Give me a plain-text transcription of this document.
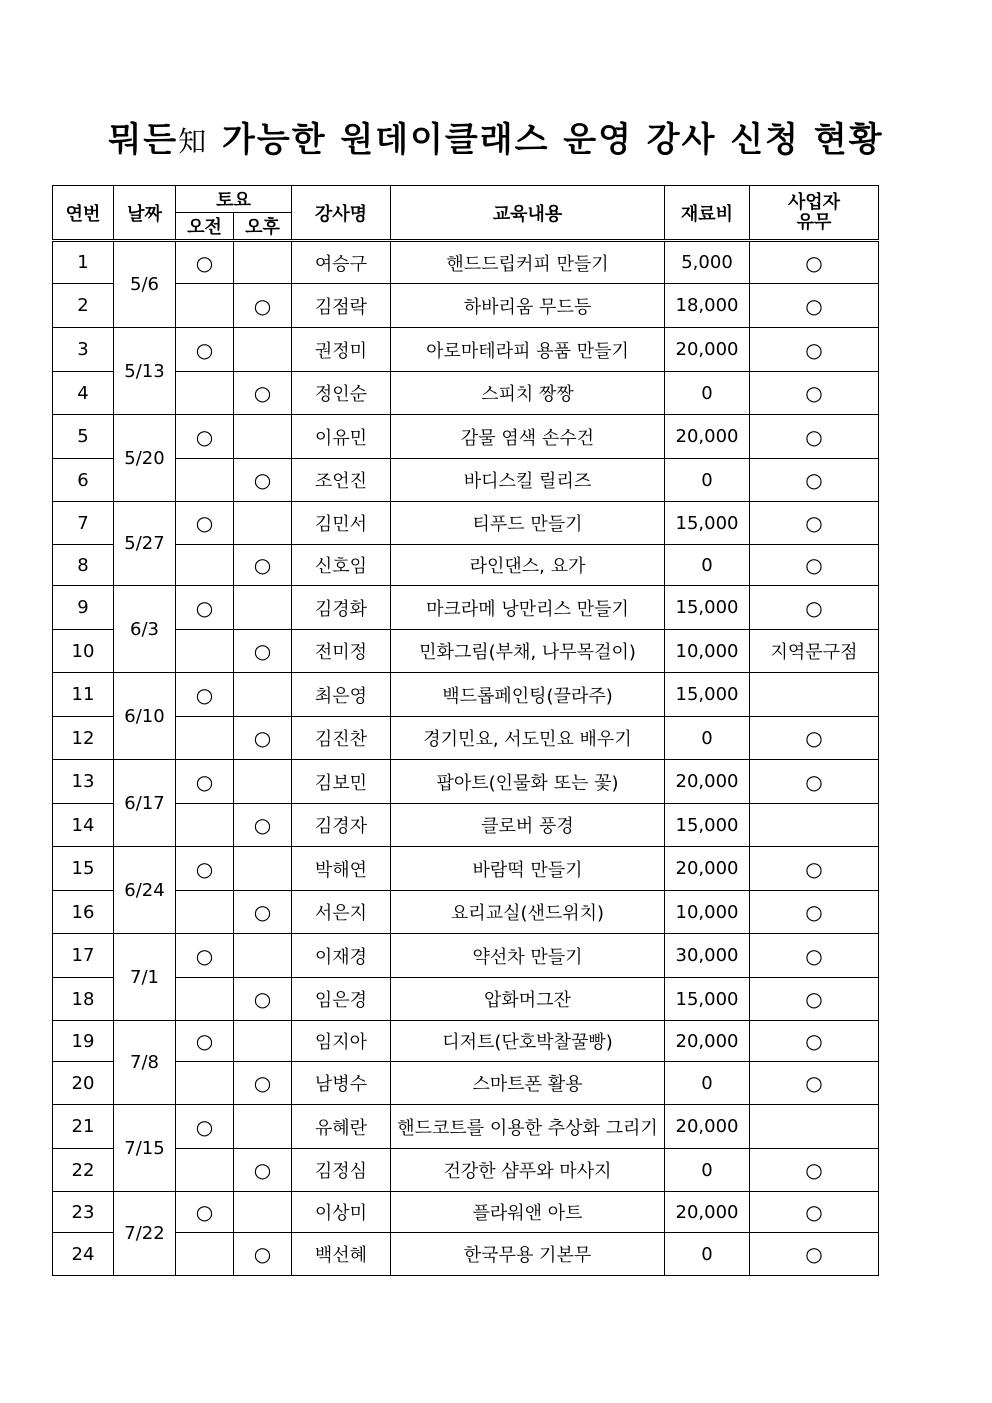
뭐든知 가능한 원데이클래스 운영 강사 신청 현황
연번	날짜	토요		강사명	교육내용	재료비	사업자
유무

		오전	오후				
1	5/6	○		여승구	핸드드립커피 만들기	5,000	○
2			○	김점락	하바리움 무드등	18,000	○
3	5/13	○		권정미	아로마테라피 용품 만들기	20,000	○
4			○	정인순	스피치 짱짱	0	○
5	5/20	○		이유민	감물 염색 손수건	20,000	○
6			○	조언진	바디스킬 릴리즈	0	○
7	5/27	○		김민서	티푸드 만들기	15,000	○
8			○	신호임	라인댄스, 요가	0	○
9	6/3	○		김경화	마크라메 낭만리스 만들기	15,000	○
10			○	전미정	민화그림(부채, 나무목걸이)	10,000	지역문구점
11	6/10	○		최은영	백드롭페인팅(끌라주)	15,000	
12			○	김진찬	경기민요, 서도민요 배우기	0	○
13	6/17	○		김보민	팝아트(인물화 또는 꽃)	20,000	○
14			○	김경자	클로버 풍경	15,000	
15	6/24	○		박해연	바람떡 만들기	20,000	○
16			○	서은지	요리교실(샌드위치)	10,000	○
17	7/1	○		이재경	약선차 만들기	30,000	○
18			○	임은경	압화머그잔	15,000	○
19	7/8	○		임지아	디저트(단호박찰꿀빵)	20,000	○
20			○	남병수	스마트폰 활용	0	○
21	7/15	○		유혜란	핸드코트를 이용한 추상화 그리기	20,000	
22			○	김정심	건강한 샴푸와 마사지	0	○
23	7/22	○		이상미	플라워앤 아트	20,000	○
24			○	백선혜	한국무용 기본무	0	○
